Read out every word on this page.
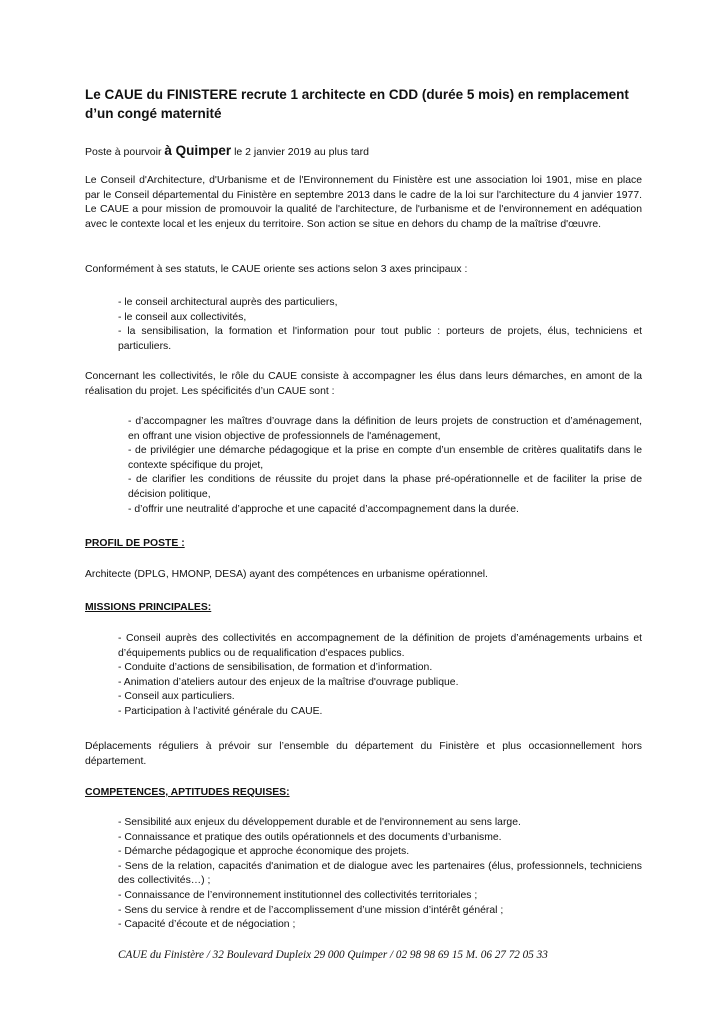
Le CAUE du FINISTERE recrute 1 architecte en CDD (durée 5 mois) en remplacement d’un congé maternité
Poste à pourvoir à Quimper le 2 janvier 2019 au plus tard

Le Conseil d'Architecture, d'Urbanisme et de l'Environnement du Finistère est une association loi 1901, mise en place par le Conseil départemental du Finistère en septembre 2013 dans le cadre de la loi sur l'architecture du 4 janvier 1977. Le CAUE a pour mission de promouvoir la qualité de l'architecture, de l'urbanisme et de l'environnement en adéquation avec le contexte local et les enjeux du territoire. Son action se situe en dehors du champ de la maîtrise d'œuvre.

Conformément à ses statuts, le CAUE oriente ses actions selon 3 axes principaux :

- le conseil architectural auprès des particuliers,
- le conseil aux collectivités,
- la sensibilisation, la formation et l'information pour tout public : porteurs de projets, élus, techniciens et particuliers.

Concernant les collectivités, le rôle du CAUE consiste à accompagner les élus dans leurs démarches, en amont de la réalisation du projet. Les spécificités d’un CAUE sont :

- d’accompagner les maîtres d’ouvrage dans la définition de leurs projets de construction et d’aménagement, en offrant une vision objective de professionnels de l'aménagement,
- de privilégier une démarche pédagogique et la prise en compte d’un ensemble de critères qualitatifs dans le contexte spécifique du projet,
- de clarifier les conditions de réussite du projet dans la phase pré-opérationnelle et de faciliter la prise de décision politique,
- d’offrir une neutralité d’approche et une capacité d’accompagnement dans la durée.

PROFIL DE POSTE :

Architecte (DPLG, HMONP, DESA) ayant des compétences en urbanisme opérationnel.

MISSIONS PRINCIPALES:

- Conseil auprès des collectivités en accompagnement de la définition de projets d’aménagements urbains et d’équipements publics ou de requalification d’espaces publics.
- Conduite d’actions de sensibilisation, de formation et d’information.
- Animation d’ateliers autour des enjeux de la maîtrise d'ouvrage publique.
- Conseil aux particuliers.
- Participation à l’activité générale du CAUE.

Déplacements réguliers à prévoir sur l’ensemble du département du Finistère et plus occasionnellement hors département.

COMPETENCES, APTITUDES REQUISES:

- Sensibilité aux enjeux du développement durable et de l'environnement au sens large.
- Connaissance et pratique des outils opérationnels et des documents d’urbanisme.
- Démarche pédagogique et approche économique des projets.
- Sens de la relation, capacités d'animation et de dialogue avec les partenaires (élus, professionnels, techniciens des collectivités…) ;
- Connaissance de l’environnement institutionnel des collectivités territoriales ;
- Sens du service à rendre et de l’accomplissement d’une mission d’intérêt général ;
- Capacité d’écoute et de négociation ;
CAUE du Finistère / 32 Boulevard Dupleix 29 000 Quimper / 02 98 98 69 15 M. 06 27 72 05 33
